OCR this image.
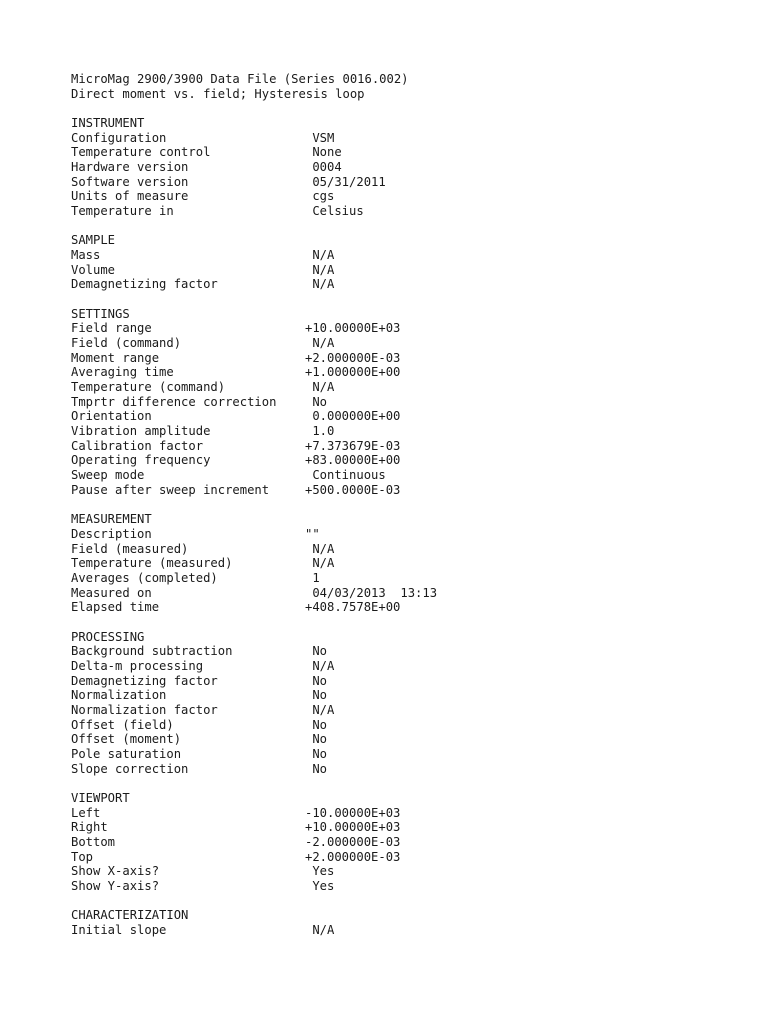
MicroMag 2900/3900 Data File (Series 0016.002)
Direct moment vs. field; Hysteresis loop
INSTRUMENT
Configuration	VSM
Temperature control	None
Hardware version	0004
Software version	05/31/2011
Units of measure	cgs
Temperature in	Celsius
SAMPLE
Mass	N/A
Volume	N/A
Demagnetizing factor	N/A
SETTINGS
Field range	+10.00000E+03
Field (command)	N/A
Moment range	+2.000000E-03
Averaging time	+1.000000E+00
Temperature (command)	N/A
Tmprtr difference correction	No
Orientation	0.000000E+00
Vibration amplitude	1.0
Calibration factor	+7.373679E-03
Operating frequency	+83.00000E+00
Sweep mode	Continuous
Pause after sweep increment	+500.0000E-03
MEASUREMENT
Description	""
Field (measured)	N/A
Temperature (measured)	N/A
Averages (completed)	1
Measured on	04/03/2013  13:13
Elapsed time	+408.7578E+00
PROCESSING
Background subtraction	No
Delta-m processing	N/A
Demagnetizing factor	No
Normalization	No
Normalization factor	N/A
Offset (field)	No
Offset (moment)	No
Pole saturation	No
Slope correction	No
VIEWPORT
Left	-10.00000E+03
Right	+10.00000E+03
Bottom	-2.000000E-03
Top	+2.000000E-03
Show X-axis?	Yes
Show Y-axis?	Yes
CHARACTERIZATION
Initial slope	N/A
